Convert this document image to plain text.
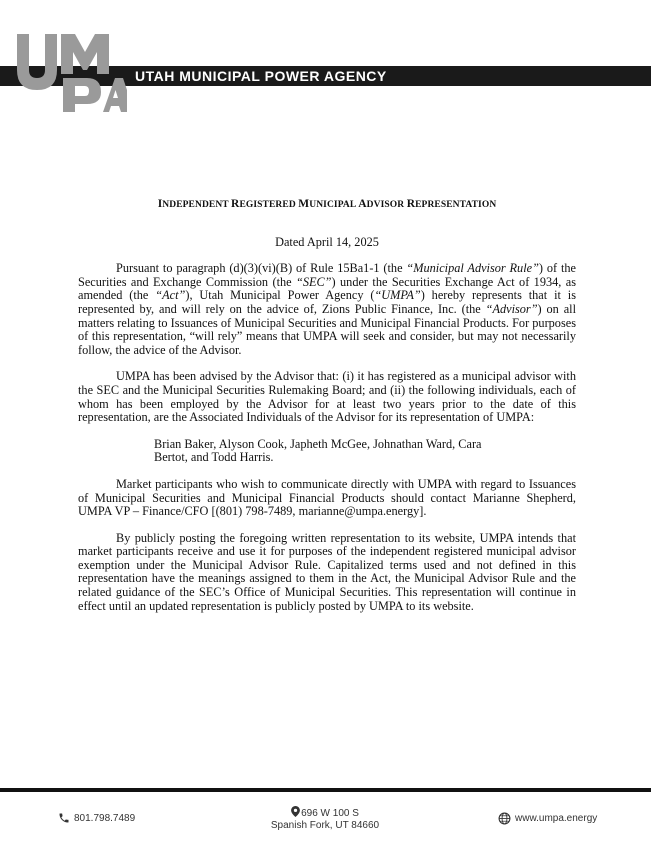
UTAH MUNICIPAL POWER AGENCY

INDEPENDENT REGISTERED MUNICIPAL ADVISOR REPRESENTATION

Dated April 14, 2025

Pursuant to paragraph (d)(3)(vi)(B) of Rule 15Ba1-1 (the “Municipal Advisor Rule”) of the Securities and Exchange Commission (the “SEC”) under the Securities Exchange Act of 1934, as amended (the “Act”), Utah Municipal Power Agency (“UMPA”) hereby represents that it is represented by, and will rely on the advice of, Zions Public Finance, Inc. (the “Advisor”) on all matters relating to Issuances of Municipal Securities and Municipal Financial Products. For purposes of this representation, “will rely” means that UMPA will seek and consider, but may not necessarily follow, the advice of the Advisor.

UMPA has been advised by the Advisor that: (i) it has registered as a municipal advisor with the SEC and the Municipal Securities Rulemaking Board; and (ii) the following individuals, each of whom has been employed by the Advisor for at least two years prior to the date of this representation, are the Associated Individuals of the Advisor for its representation of UMPA:

Brian Baker, Alyson Cook, Japheth McGee, Johnathan Ward, Cara Bertot, and Todd Harris.

Market participants who wish to communicate directly with UMPA with regard to Issuances of Municipal Securities and Municipal Financial Products should contact Marianne Shepherd, UMPA VP – Finance/CFO [(801) 798-7489, marianne@umpa.energy].

By publicly posting the foregoing written representation to its website, UMPA intends that market participants receive and use it for purposes of the independent registered municipal advisor exemption under the Municipal Advisor Rule. Capitalized terms used and not defined in this representation have the meanings assigned to them in the Act, the Municipal Advisor Rule and the related guidance of the SEC’s Office of Municipal Securities. This representation will continue in effect until an updated representation is publicly posted by UMPA to its website.

801.798.7489	696 W 100 S
Spanish Fork, UT 84660
www.umpa.energy
